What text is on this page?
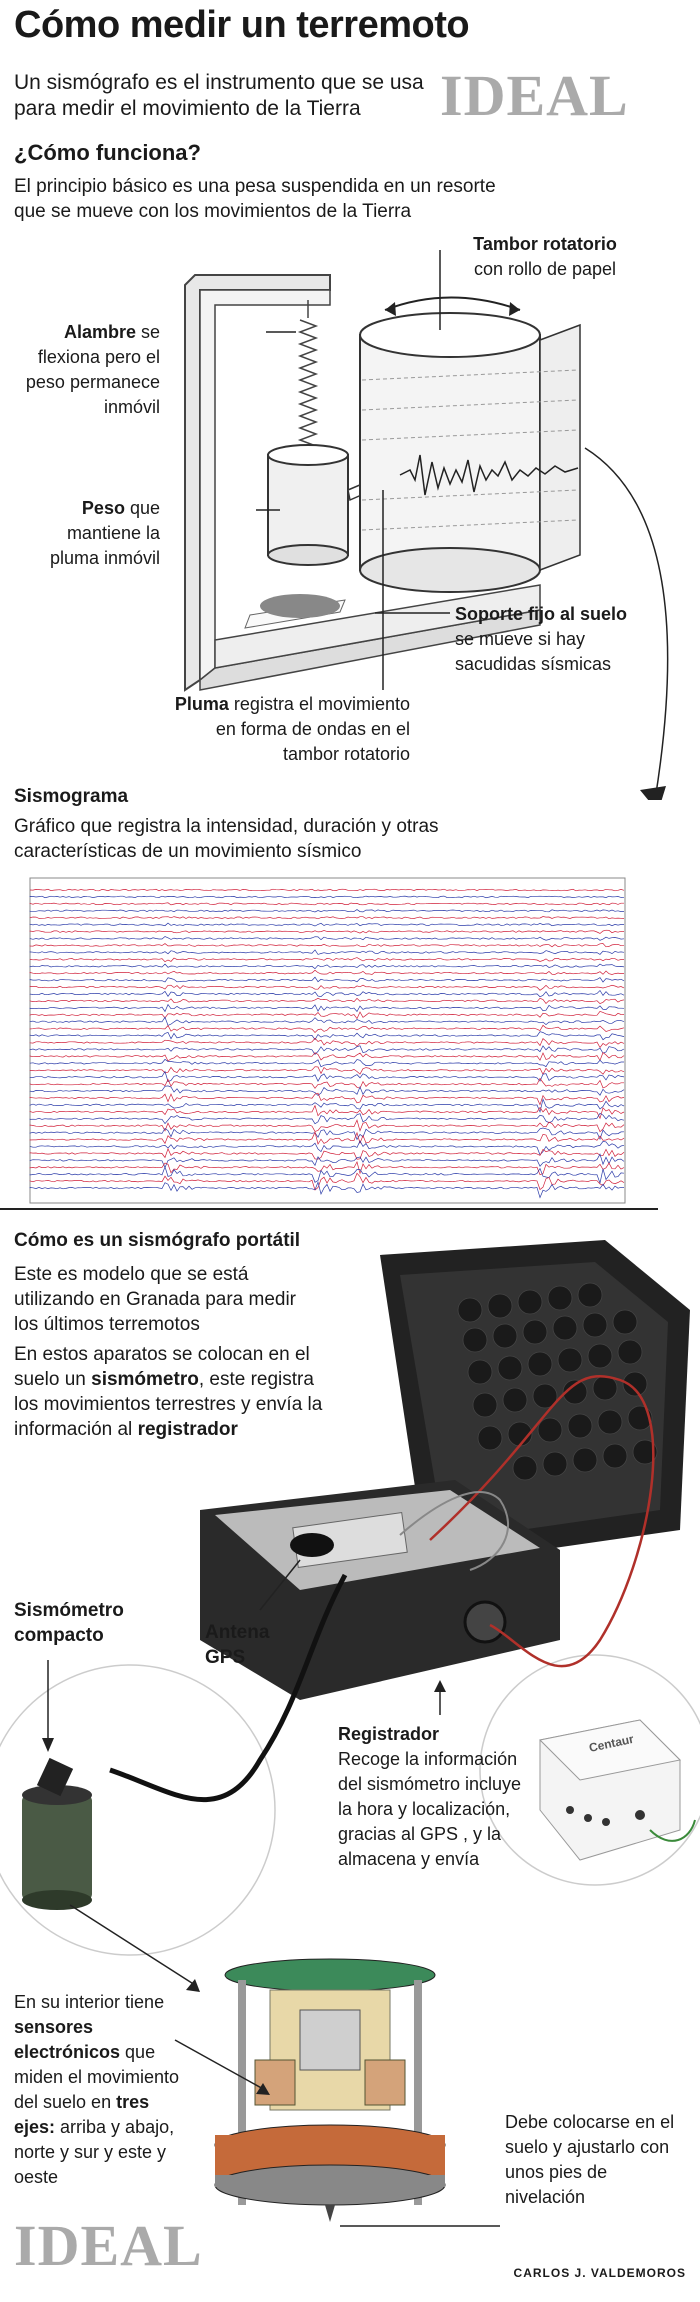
Cómo medir un terremoto
Un sismógrafo es el instrumento que se usa para medir el movimiento de la Tierra	IDEAL
¿Cómo funciona?
El principio básico es una pesa suspendida en un resorte que se mueve con los movimientos de la Tierra
Tambor rotatorio
con rollo de papel
Alambre se flexiona pero el peso permanece inmóvil
Peso que mantiene la pluma inmóvil
Soporte fijo al suelo
se mueve si hay sacudidas sísmicas
Pluma registra el movimiento en forma de ondas en el tambor rotatorio
Sismograma
Gráfico que registra la intensidad, duración y otras características de un movimiento sísmico
Cómo es un sismógrafo portátil
Este es modelo que se está utilizando en Granada para medir los últimos terremotos
En estos aparatos se colocan en el suelo un sismómetro, este registra los movimientos terrestres y envía la información al registrador
Centaur
Sismómetro compacto	Antena GPS
Registrador
Recoge la información del sismómetro incluye la hora y localización, gracias al GPS , y la almacena y envía
En su interior tiene sensores electrónicos que miden el movimiento del suelo en tres ejes: arriba y abajo, norte y sur y este y oeste
Debe colocarse en el suelo y ajustarlo con unos pies de nivelación
IDEAL	CARLOS J. VALDEMOROS
